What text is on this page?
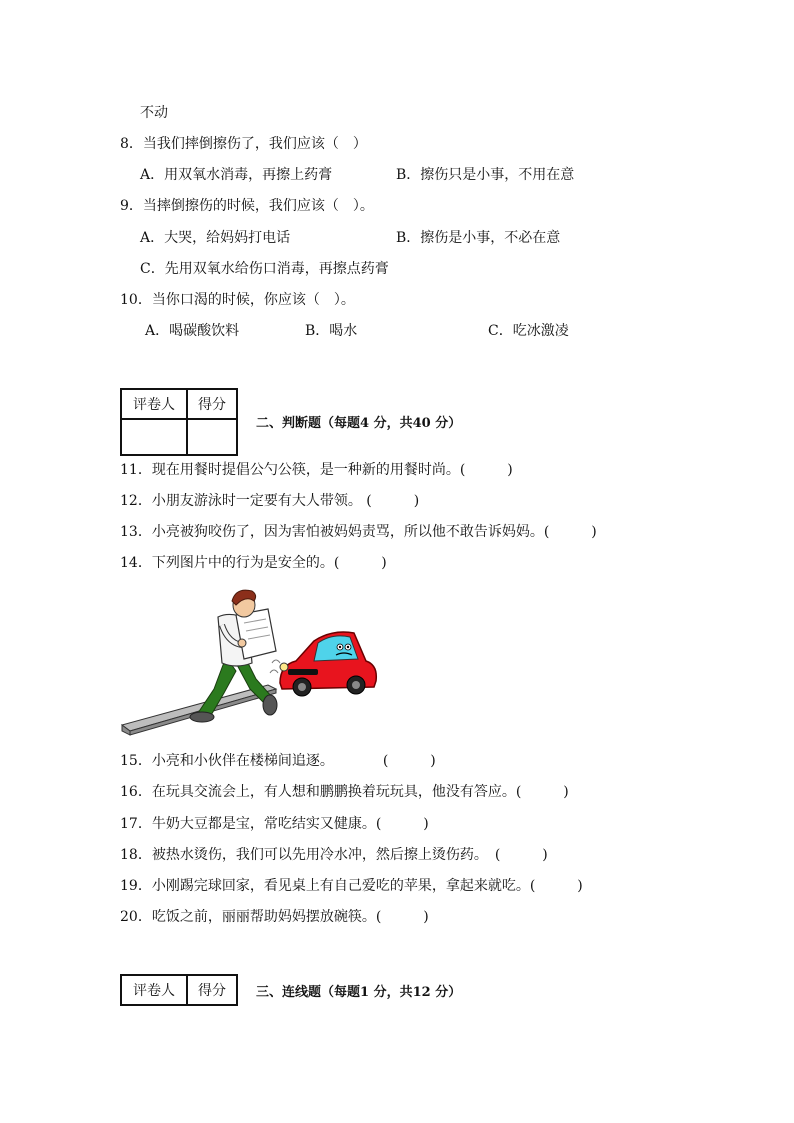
不动
8．当我们摔倒擦伤了，我们应该（　）
A．用双氧水消毒，再擦上药膏	B．擦伤只是小事，不用在意
9．当摔倒擦伤的时候，我们应该（　）。
A．大哭，给妈妈打电话	B．擦伤是小事，不必在意
C．先用双氧水给伤口消毒，再擦点药膏
10．当你口渴的时候，你应该（　）。
A．喝碳酸饮料	B．喝水	C．吃冰激凌
评卷人	得分

二、判断题（每题4 分，共40 分）
11．现在用餐时提倡公勺公筷，是一种新的用餐时尚。(　　　)
12．小朋友游泳时一定要有大人带领。 (　　　)
13．小亮被狗咬伤了，因为害怕被妈妈责骂，所以他不敢告诉妈妈。(　　　)
14．下列图片中的行为是安全的。(　　　)
15．小亮和小伙伴在楼梯间追逐。　　　　(　　　)
16．在玩具交流会上，有人想和鹏鹏换着玩玩具，他没有答应。(　　　)
17．牛奶大豆都是宝，常吃结实又健康。(　　　)
18．被热水烫伤，我们可以先用冷水冲，然后擦上烫伤药。　(　　　)
19．小刚踢完球回家，看见桌上有自己爱吃的苹果，拿起来就吃。(　　　)
20．吃饭之前，丽丽帮助妈妈摆放碗筷。(　　　)
评卷人	得分 三、连线题（每题1 分，共12 分）
